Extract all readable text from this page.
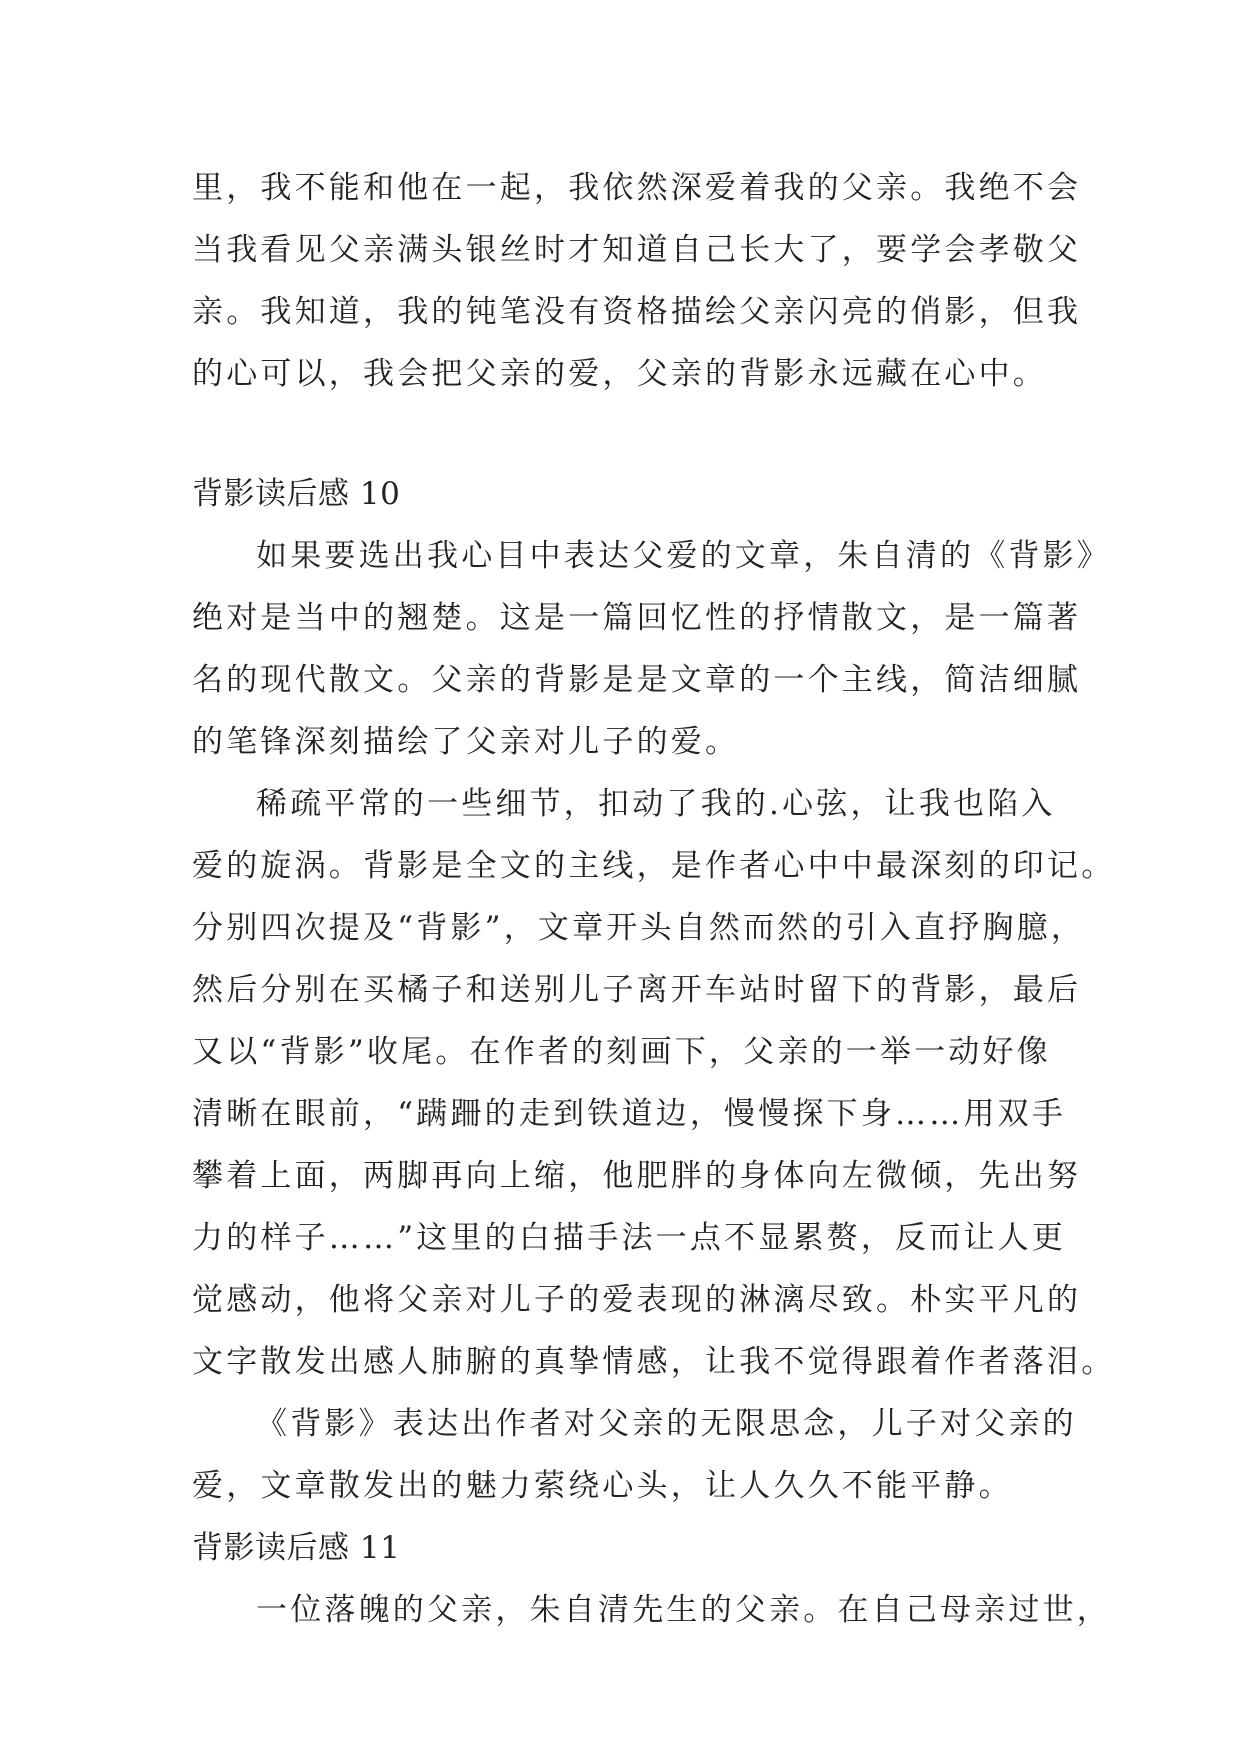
里，我不能和他在一起，我依然深爱着我的父亲。我绝不会
当我看见父亲满头银丝时才知道自己长大了，要学会孝敬父
亲。我知道，我的钝笔没有资格描绘父亲闪亮的俏影，但我
的心可以，我会把父亲的爱，父亲的背影永远藏在心中。
背影读后感 10
如果要选出我心目中表达父爱的文章，朱自清的《背影》
绝对是当中的翘楚。这是一篇回忆性的抒情散文，是一篇著
名的现代散文。父亲的背影是是文章的一个主线，简洁细腻
的笔锋深刻描绘了父亲对儿子的爱。
稀疏平常的一些细节，扣动了我的.心弦，让我也陷入
爱的旋涡。背影是全文的主线，是作者心中中最深刻的印记。
分别四次提及“背影”，文章开头自然而然的引入直抒胸臆，
然后分别在买橘子和送别儿子离开车站时留下的背影，最后
又以“背影”收尾。在作者的刻画下，父亲的一举一动好像
清晰在眼前，“蹒跚的走到铁道边，慢慢探下身……用双手
攀着上面，两脚再向上缩，他肥胖的身体向左微倾，先出努
力的样子……”这里的白描手法一点不显累赘，反而让人更
觉感动，他将父亲对儿子的爱表现的淋漓尽致。朴实平凡的
文字散发出感人肺腑的真挚情感，让我不觉得跟着作者落泪。
《背影》表达出作者对父亲的无限思念，儿子对父亲的
爱，文章散发出的魅力萦绕心头，让人久久不能平静。
背影读后感 11
一位落魄的父亲，朱自清先生的父亲。在自己母亲过世，
